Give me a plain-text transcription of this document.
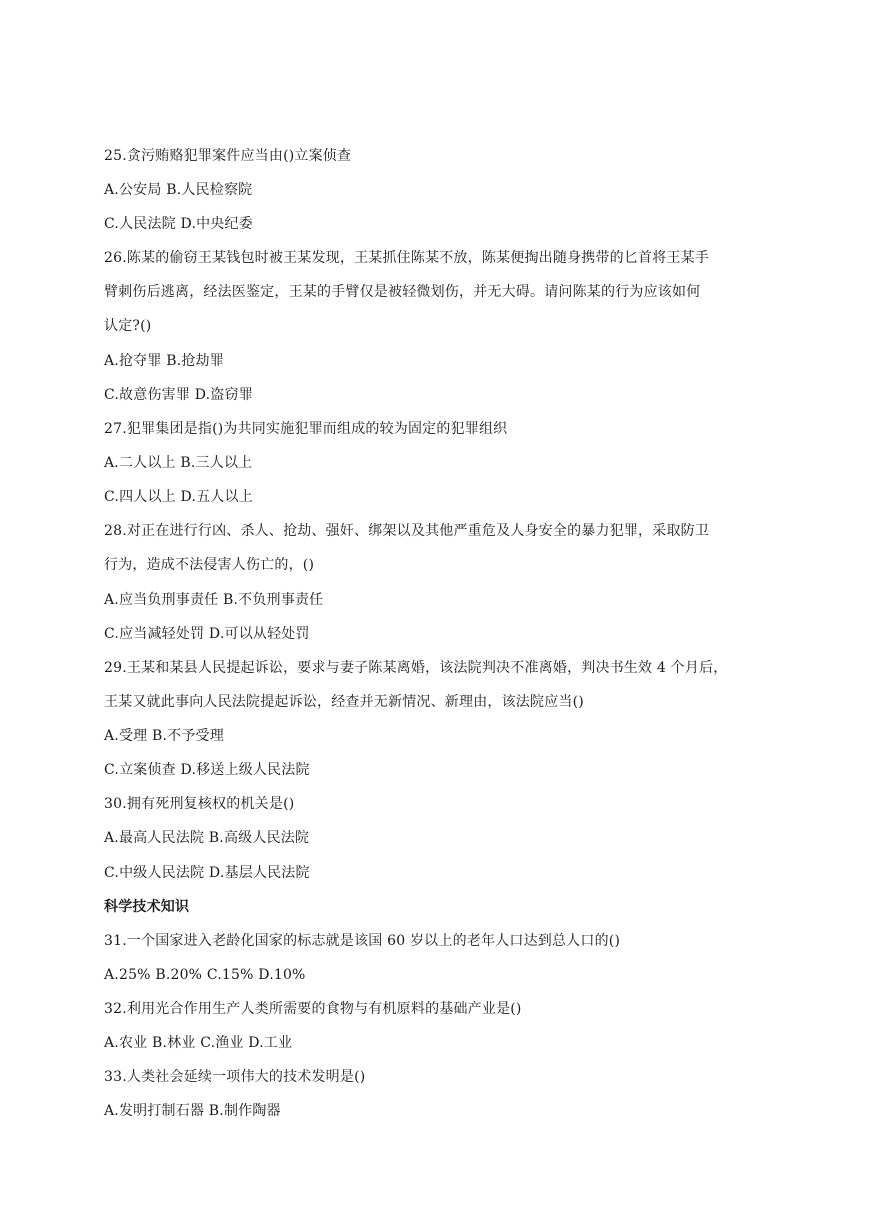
25.贪污贿赂犯罪案件应当由()立案侦查
A.公安局 B.人民检察院
C.人民法院 D.中央纪委
26.陈某的偷窃王某钱包时被王某发现，王某抓住陈某不放，陈某便掏出随身携带的匕首将王某手
臂刺伤后逃离，经法医鉴定，王某的手臂仅是被轻微划伤，并无大碍。请问陈某的行为应该如何
认定?()
A.抢夺罪 B.抢劫罪
C.故意伤害罪 D.盗窃罪
27.犯罪集团是指()为共同实施犯罪而组成的较为固定的犯罪组织
A.二人以上 B.三人以上
C.四人以上 D.五人以上
28.对正在进行行凶、杀人、抢劫、强奸、绑架以及其他严重危及人身安全的暴力犯罪，采取防卫
行为，造成不法侵害人伤亡的，()
A.应当负刑事责任 B.不负刑事责任
C.应当减轻处罚 D.可以从轻处罚
29.王某和某县人民提起诉讼，要求与妻子陈某离婚，该法院判决不准离婚，判决书生效 4 个月后，
王某又就此事向人民法院提起诉讼，经查并无新情况、新理由，该法院应当()
A.受理 B.不予受理
C.立案侦查 D.移送上级人民法院
30.拥有死刑复核权的机关是()
A.最高人民法院 B.高级人民法院
C.中级人民法院 D.基层人民法院
科学技术知识
31.一个国家进入老龄化国家的标志就是该国 60 岁以上的老年人口达到总人口的()
A.25% B.20% C.15% D.10%
32.利用光合作用生产人类所需要的食物与有机原料的基础产业是()
A.农业 B.林业 C.渔业 D.工业
33.人类社会延续一项伟大的技术发明是()
A.发明打制石器 B.制作陶器
